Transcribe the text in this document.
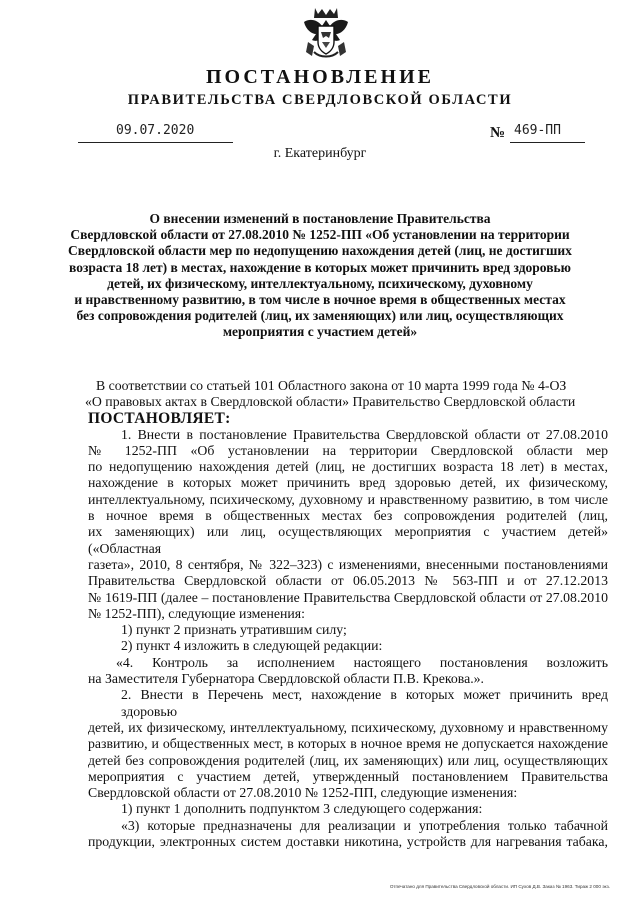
ПОСТАНОВЛЕНИЕ
ПРАВИТЕЛЬСТВА СВЕРДЛОВСКОЙ ОБЛАСТИ
09.07.2020	№ 469-ПП
г. Екатеринбург
О внесении изменений в постановление Правительства
Свердловской области от 27.08.2010 № 1252-ПП «Об установлении на территории
Свердловской области мер по недопущению нахождения детей (лиц, не достигших
возраста 18 лет) в местах, нахождение в которых может причинить вред здоровью
детей, их физическому, интеллектуальному, психическому, духовному
и нравственному развитию, в том числе в ночное время в общественных местах
без сопровождения родителей (лиц, их заменяющих) или лиц, осуществляющих
мероприятия с участием детей»
В соответствии со статьей 101 Областного закона от 10 марта 1999 года № 4-ОЗ
«О правовых актах в Свердловской области» Правительство Свердловской области
ПОСТАНОВЛЯЕТ:
1. Внести в постановление Правительства Свердловской области от 27.08.2010
№ 1252-ПП «Об установлении на территории Свердловской области мер
по недопущению нахождения детей (лиц, не достигших возраста 18 лет) в местах,
нахождение в которых может причинить вред здоровью детей, их физическому,
интеллектуальному, психическому, духовному и нравственному развитию, в том числе
в ночное время в общественных местах без сопровождения родителей (лиц,
их заменяющих) или лиц, осуществляющих мероприятия с участием детей» («Областная
газета», 2010, 8 сентября, № 322–323) с изменениями, внесенными постановлениями
Правительства Свердловской области от 06.05.2013 № 563-ПП и от 27.12.2013
№ 1619-ПП (далее – постановление Правительства Свердловской области от 27.08.2010
№ 1252-ПП), следующие изменения:
1) пункт 2 признать утратившим силу;
2) пункт 4 изложить в следующей редакции:
«4. Контроль за исполнением настоящего постановления возложить
на Заместителя Губернатора Свердловской области П.В. Крекова.».
2. Внести в Перечень мест, нахождение в которых может причинить вред здоровью
детей, их физическому, интеллектуальному, психическому, духовному и нравственному
развитию, и общественных мест, в которых в ночное время не допускается нахождение
детей без сопровождения родителей (лиц, их заменяющих) или лиц, осуществляющих
мероприятия с участием детей, утвержденный постановлением Правительства
Свердловской области от 27.08.2010 № 1252-ПП, следующие изменения:
1) пункт 1 дополнить подпунктом 3 следующего содержания:
«3) которые предназначены для реализации и употребления только табачной
продукции, электронных систем доставки никотина, устройств для нагревания табака,
Отпечатано для Правительства Свердловской области. ИП Сухов Д.В. Заказ № 1963. Тираж 2 000 экз.
